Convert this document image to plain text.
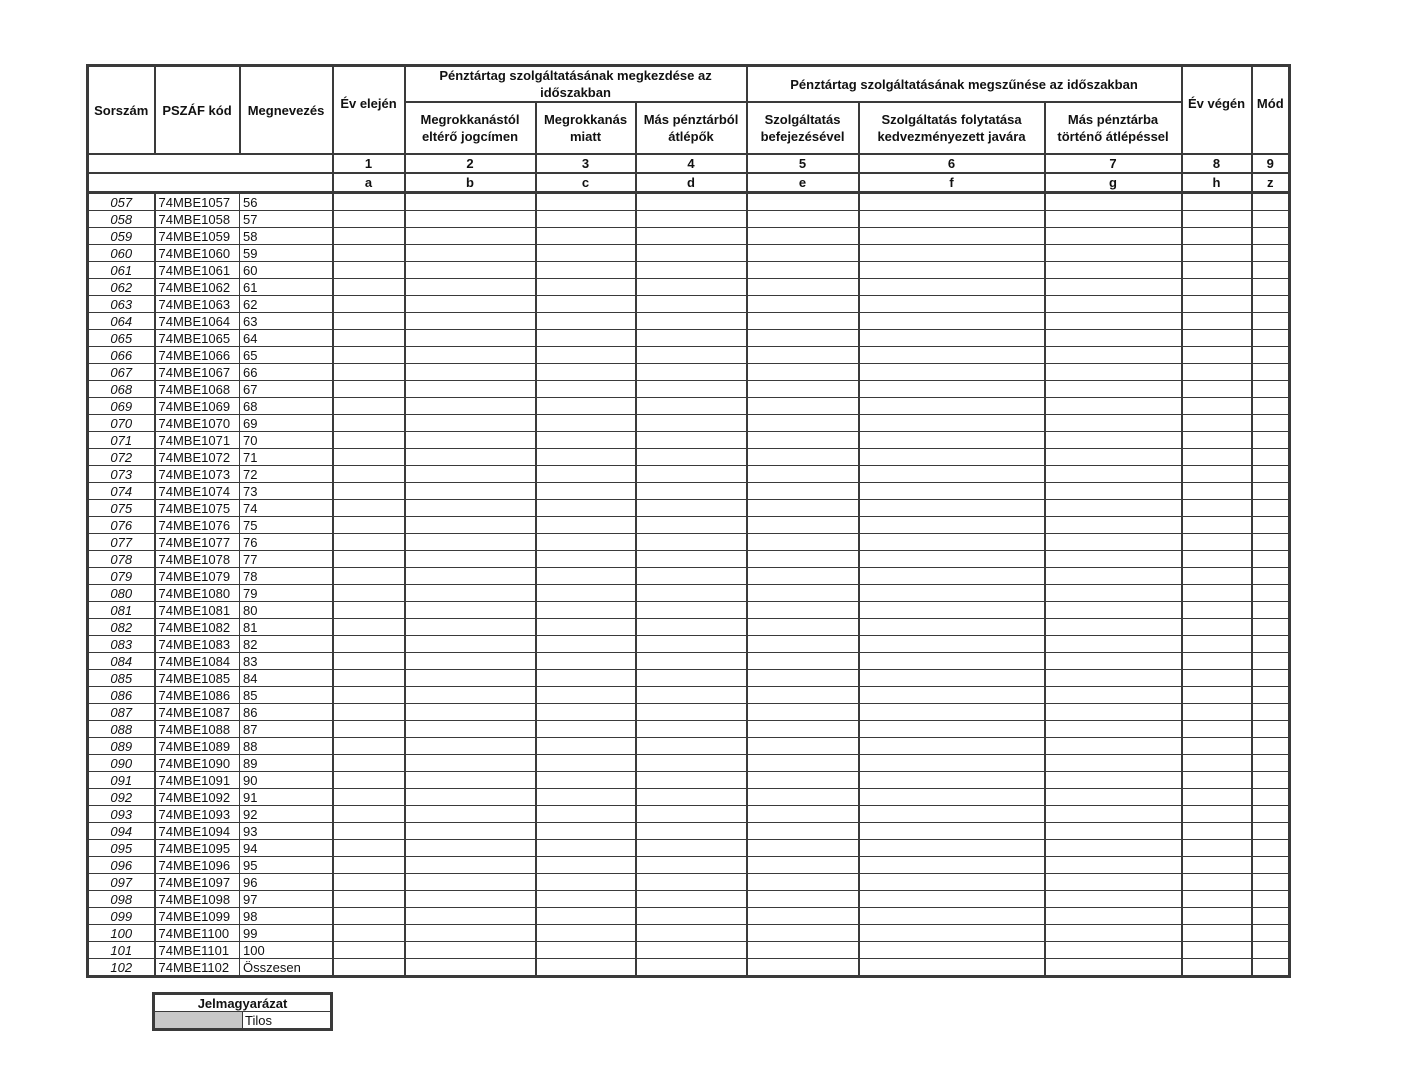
Sorszám	PSZÁF kód	Megnevezés	Év elején	Pénztártag szolgáltatásának megkezdése az időszakban			Pénztártag szolgáltatásának megszűnése az időszakban			Év végén	Mód
				Megrokkanástól eltérő jogcímen	Megrokkanás miatt	Más pénztárból átlépők	Szolgáltatás befejezésével	Szolgáltatás folytatása kedvezményezett javára	Más pénztárba történő átlépéssel		
			1	2	3	4	5	6	7	8	9
			a	b	c	d	e	f	g	h	z
057	74MBE1057	56									
058	74MBE1058	57									
059	74MBE1059	58									
060	74MBE1060	59									
061	74MBE1061	60									
062	74MBE1062	61									
063	74MBE1063	62									
064	74MBE1064	63									
065	74MBE1065	64									
066	74MBE1066	65									
067	74MBE1067	66									
068	74MBE1068	67									
069	74MBE1069	68									
070	74MBE1070	69									
071	74MBE1071	70									
072	74MBE1072	71									
073	74MBE1073	72									
074	74MBE1074	73									
075	74MBE1075	74									
076	74MBE1076	75									
077	74MBE1077	76									
078	74MBE1078	77									
079	74MBE1079	78									
080	74MBE1080	79									
081	74MBE1081	80									
082	74MBE1082	81									
083	74MBE1083	82									
084	74MBE1084	83									
085	74MBE1085	84									
086	74MBE1086	85									
087	74MBE1087	86									
088	74MBE1088	87									
089	74MBE1089	88									
090	74MBE1090	89									
091	74MBE1091	90									
092	74MBE1092	91									
093	74MBE1093	92									
094	74MBE1094	93									
095	74MBE1095	94									
096	74MBE1096	95									
097	74MBE1097	96									
098	74MBE1098	97									
099	74MBE1099	98									
100	74MBE1100	99									
101	74MBE1101	100									
102	74MBE1102	Összesen									
Jelmagyarázat
	Tilos
